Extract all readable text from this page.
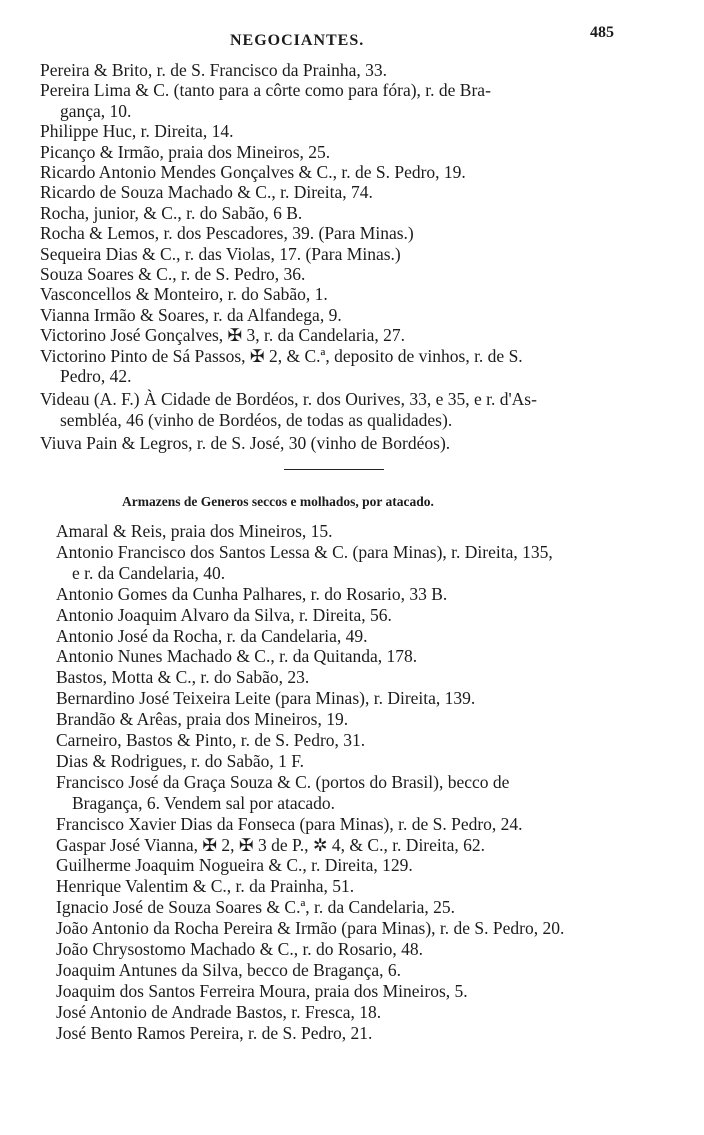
NEGOCIANTES.	485
Pereira & Brito, r. de S. Francisco da Prainha, 33.
Pereira Lima & C. (tanto para a côrte como para fóra), r. de Bra-
gança, 10.
Philippe Huc, r. Direita, 14.
Picanço & Irmão, praia dos Mineiros, 25.
Ricardo Antonio Mendes Gonçalves & C., r. de S. Pedro, 19.
Ricardo de Souza Machado & C., r. Direita, 74.
Rocha, junior, & C., r. do Sabão, 6 B.
Rocha & Lemos, r. dos Pescadores, 39. (Para Minas.)
Sequeira Dias & C., r. das Violas, 17. (Para Minas.)
Souza Soares & C., r. de S. Pedro, 36.
Vasconcellos & Monteiro, r. do Sabão, 1.
Vianna Irmão & Soares, r. da Alfandega, 9.
Victorino José Gonçalves, ✠ 3, r. da Candelaria, 27.
Victorino Pinto de Sá Passos, ✠ 2, & C.ª, deposito de vinhos, r. de S.
Pedro, 42.
Videau (A. F.) À Cidade de Bordéos, r. dos Ourives, 33, e 35, e r. d'As-
sembléa, 46 (vinho de Bordéos, de todas as qualidades).
Viuva Pain & Legros, r. de S. José, 30 (vinho de Bordéos).
Armazens de Generos seccos e molhados, por atacado.
Amaral & Reis, praia dos Mineiros, 15.
Antonio Francisco dos Santos Lessa & C. (para Minas), r. Direita, 135,
e r. da Candelaria, 40.
Antonio Gomes da Cunha Palhares, r. do Rosario, 33 B.
Antonio Joaquim Alvaro da Silva, r. Direita, 56.
Antonio José da Rocha, r. da Candelaria, 49.
Antonio Nunes Machado & C., r. da Quitanda, 178.
Bastos, Motta & C., r. do Sabão, 23.
Bernardino José Teixeira Leite (para Minas), r. Direita, 139.
Brandão & Arêas, praia dos Mineiros, 19.
Carneiro, Bastos & Pinto, r. de S. Pedro, 31.
Dias & Rodrigues, r. do Sabão, 1 F.
Francisco José da Graça Souza & C. (portos do Brasil), becco de
Bragança, 6. Vendem sal por atacado.
Francisco Xavier Dias da Fonseca (para Minas), r. de S. Pedro, 24.
Gaspar José Vianna, ✠ 2, ✠ 3 de P., ✲ 4, & C., r. Direita, 62.
Guilherme Joaquim Nogueira & C., r. Direita, 129.
Henrique Valentim & C., r. da Prainha, 51.
Ignacio José de Souza Soares & C.ª, r. da Candelaria, 25.
João Antonio da Rocha Pereira & Irmão (para Minas), r. de S. Pedro, 20.
João Chrysostomo Machado & C., r. do Rosario, 48.
Joaquim Antunes da Silva, becco de Bragança, 6.
Joaquim dos Santos Ferreira Moura, praia dos Mineiros, 5.
José Antonio de Andrade Bastos, r. Fresca, 18.
José Bento Ramos Pereira, r. de S. Pedro, 21.
